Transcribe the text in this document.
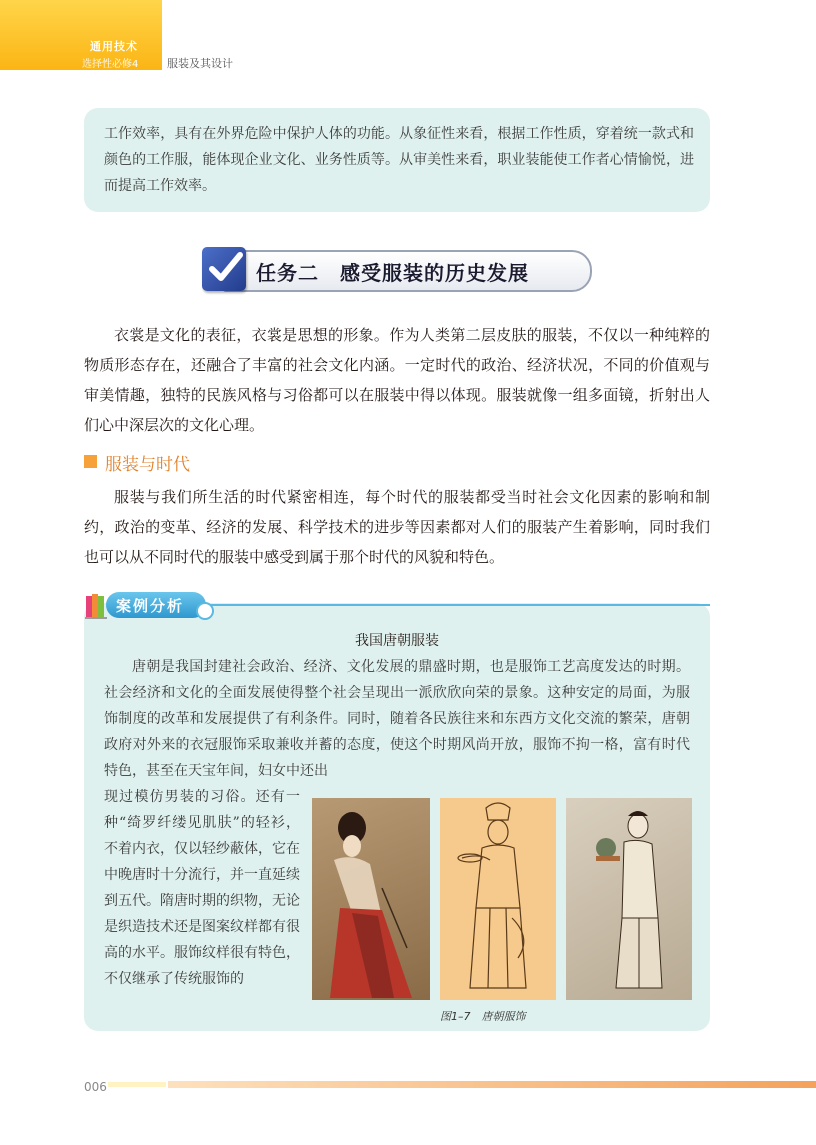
通用技术
选择性必修4	服装及其设计

工作效率，具有在外界危险中保护人体的功能。从象征性来看，根据工作性质，穿着统一款式和颜色的工作服，能体现企业文化、业务性质等。从审美性来看，职业装能使工作者心情愉悦，进而提高工作效率。

任务二　感受服装的历史发展

衣裳是文化的表征，衣裳是思想的形象。作为人类第二层皮肤的服装，不仅以一种纯粹的物质形态存在，还融合了丰富的社会文化内涵。一定时代的政治、经济状况，不同的价值观与审美情趣，独特的民族风格与习俗都可以在服装中得以体现。服装就像一组多面镜，折射出人们心中深层次的文化心理。

服装与时代

服装与我们所生活的时代紧密相连，每个时代的服装都受当时社会文化因素的影响和制约，政治的变革、经济的发展、科学技术的进步等因素都对人们的服装产生着影响，同时我们也可以从不同时代的服装中感受到属于那个时代的风貌和特色。

案例分析
我国唐朝服装

唐朝是我国封建社会政治、经济、文化发展的鼎盛时期，也是服饰工艺高度发达的时期。社会经济和文化的全面发展使得整个社会呈现出一派欣欣向荣的景象。这种安定的局面，为服饰制度的改革和发展提供了有利条件。同时，随着各民族往来和东西方文化交流的繁荣，唐朝政府对外来的衣冠服饰采取兼收并蓄的态度，使这个时期风尚开放，服饰不拘一格，富有时代特色，甚至在天宝年间，妇女中还出

现过模仿男装的习俗。还有一种“绮罗纤缕见肌肤”的轻衫，不着内衣，仅以轻纱蔽体，它在中晚唐时十分流行，并一直延续到五代。隋唐时期的织物，无论是织造技术还是图案纹样都有很高的水平。服饰纹样很有特色，不仅继承了传统服饰的

图1–7　唐朝服饰
006
